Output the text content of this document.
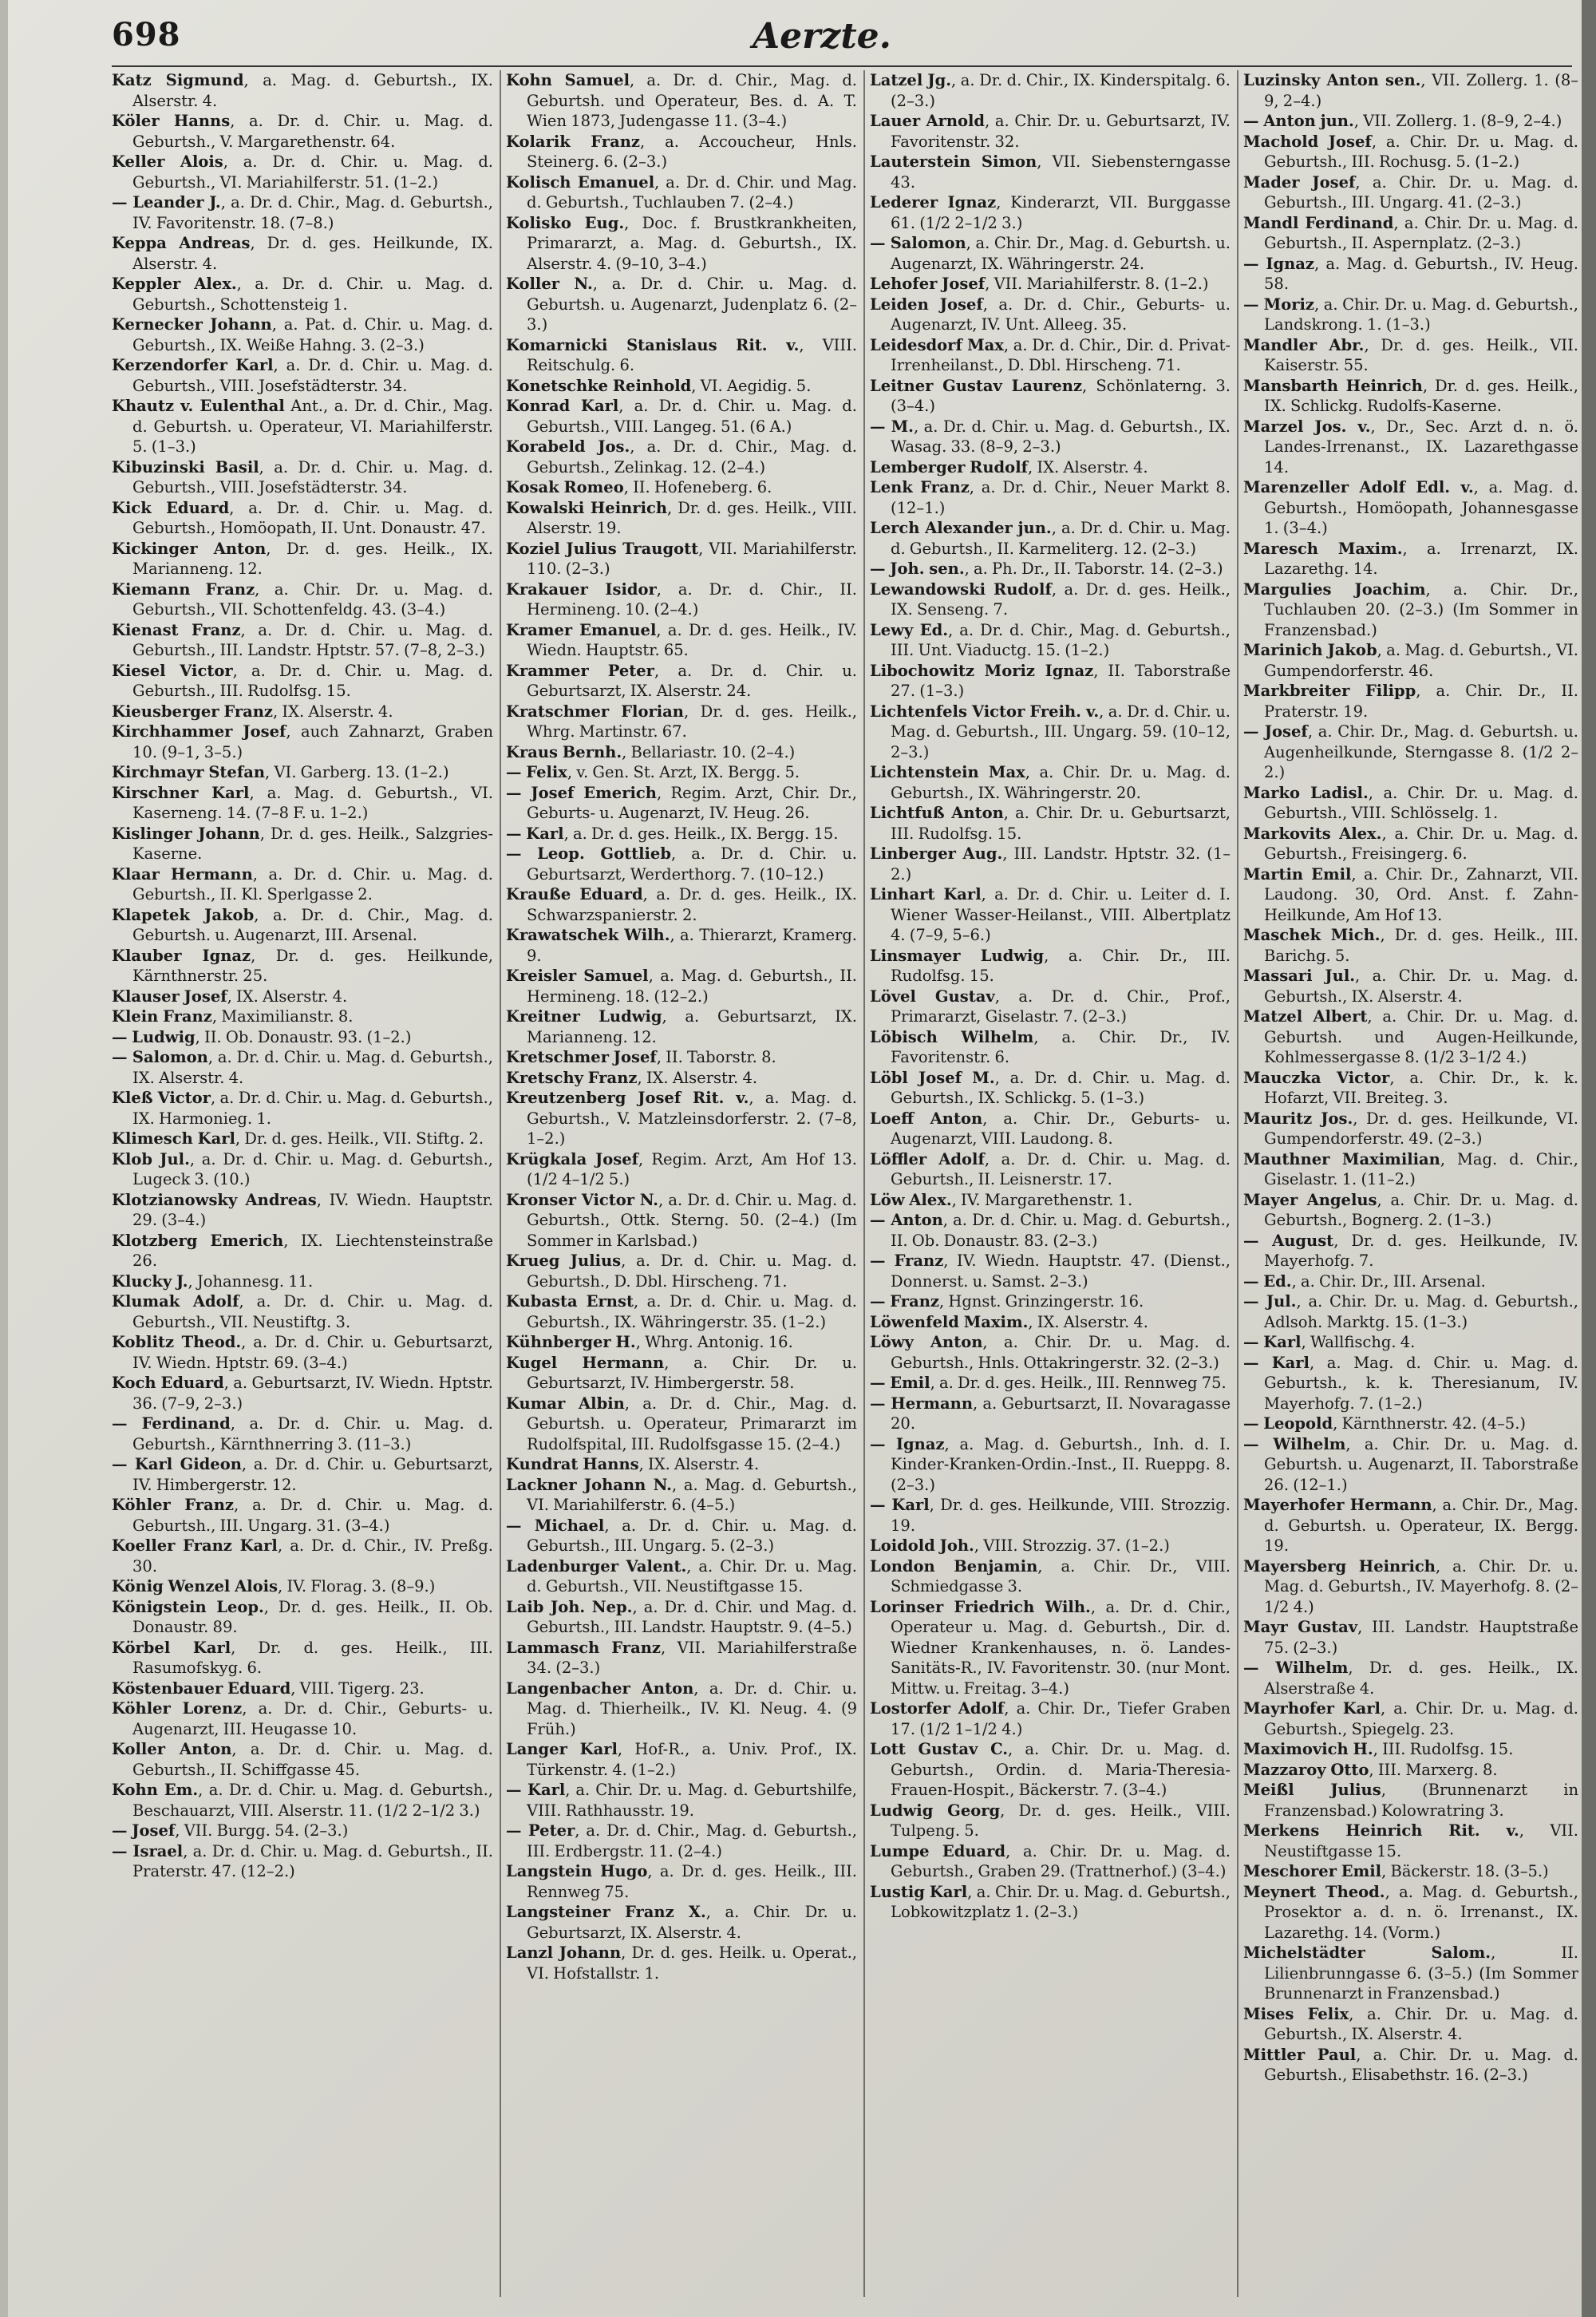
698	Aerzte.

Katz Sigmund, a. Mag. d. Geburtsh., IX. Alserstr. 4.

Köler Hanns, a. Dr. d. Chir. u. Mag. d. Geburtsh., V. Margarethenstr. 64.

Keller Alois, a. Dr. d. Chir. u. Mag. d. Geburtsh., VI. Mariahilferstr. 51. (1–2.)

— Leander J., a. Dr. d. Chir., Mag. d. Geburtsh., IV. Favoritenstr. 18. (7–8.)

Keppa Andreas, Dr. d. ges. Heilkunde, IX. Alserstr. 4.

Keppler Alex., a. Dr. d. Chir. u. Mag. d. Geburtsh., Schottensteig 1.

Kernecker Johann, a. Pat. d. Chir. u. Mag. d. Geburtsh., IX. Weiße Hahng. 3. (2–3.)

Kerzendorfer Karl, a. Dr. d. Chir. u. Mag. d. Geburtsh., VIII. Josefstädterstr. 34.

Khautz v. Eulenthal Ant., a. Dr. d. Chir., Mag. d. Geburtsh. u. Operateur, VI. Mariahilferstr. 5. (1–3.)

Kibuzinski Basil, a. Dr. d. Chir. u. Mag. d. Geburtsh., VIII. Josefstädterstr. 34.

Kick Eduard, a. Dr. d. Chir. u. Mag. d. Geburtsh., Homöopath, II. Unt. Donaustr. 47.

Kickinger Anton, Dr. d. ges. Heilk., IX. Marianneng. 12.

Kiemann Franz, a. Chir. Dr. u. Mag. d. Geburtsh., VII. Schottenfeldg. 43. (3–4.)

Kienast Franz, a. Dr. d. Chir. u. Mag. d. Geburtsh., III. Landstr. Hptstr. 57. (7–8, 2–3.)

Kiesel Victor, a. Dr. d. Chir. u. Mag. d. Geburtsh., III. Rudolfsg. 15.

Kieusberger Franz, IX. Alserstr. 4.

Kirchhammer Josef, auch Zahnarzt, Graben 10. (9–1, 3–5.)

Kirchmayr Stefan, VI. Garberg. 13. (1–2.)

Kirschner Karl, a. Mag. d. Geburtsh., VI. Kaserneng. 14. (7–8 F. u. 1–2.)

Kislinger Johann, Dr. d. ges. Heilk., Salzgries-Kaserne.

Klaar Hermann, a. Dr. d. Chir. u. Mag. d. Geburtsh., II. Kl. Sperlgasse 2.

Klapetek Jakob, a. Dr. d. Chir., Mag. d. Geburtsh. u. Augenarzt, III. Arsenal.

Klauber Ignaz, Dr. d. ges. Heilkunde, Kärnthnerstr. 25.

Klauser Josef, IX. Alserstr. 4.

Klein Franz, Maximilianstr. 8.

— Ludwig, II. Ob. Donaustr. 93. (1–2.)

— Salomon, a. Dr. d. Chir. u. Mag. d. Geburtsh., IX. Alserstr. 4.

Kleß Victor, a. Dr. d. Chir. u. Mag. d. Geburtsh., IX. Harmonieg. 1.

Klimesch Karl, Dr. d. ges. Heilk., VII. Stiftg. 2.

Klob Jul., a. Dr. d. Chir. u. Mag. d. Geburtsh., Lugeck 3. (10.)

Klotzianowsky Andreas, IV. Wiedn. Hauptstr. 29. (3–4.)

Klotzberg Emerich, IX. Liechtensteinstraße 26.

Klucky J., Johannesg. 11.

Klumak Adolf, a. Dr. d. Chir. u. Mag. d. Geburtsh., VII. Neustiftg. 3.

Koblitz Theod., a. Dr. d. Chir. u. Geburtsarzt, IV. Wiedn. Hptstr. 69. (3–4.)

Koch Eduard, a. Geburtsarzt, IV. Wiedn. Hptstr. 36. (7–9, 2–3.)

— Ferdinand, a. Dr. d. Chir. u. Mag. d. Geburtsh., Kärnthnerring 3. (11–3.)

— Karl Gideon, a. Dr. d. Chir. u. Geburtsarzt, IV. Himbergerstr. 12.

Köhler Franz, a. Dr. d. Chir. u. Mag. d. Geburtsh., III. Ungarg. 31. (3–4.)

Koeller Franz Karl, a. Dr. d. Chir., IV. Preßg. 30.

König Wenzel Alois, IV. Florag. 3. (8–9.)

Königstein Leop., Dr. d. ges. Heilk., II. Ob. Donaustr. 89.

Körbel Karl, Dr. d. ges. Heilk., III. Rasumofskyg. 6.

Köstenbauer Eduard, VIII. Tigerg. 23.

Köhler Lorenz, a. Dr. d. Chir., Geburts- u. Augenarzt, III. Heugasse 10.

Koller Anton, a. Dr. d. Chir. u. Mag. d. Geburtsh., II. Schiffgasse 45.

Kohn Em., a. Dr. d. Chir. u. Mag. d. Geburtsh., Beschauarzt, VIII. Alserstr. 11. (1/2 2–1/2 3.)

— Josef, VII. Burgg. 54. (2–3.)

— Israel, a. Dr. d. Chir. u. Mag. d. Geburtsh., II. Praterstr. 47. (12–2.)

Kohn Samuel, a. Dr. d. Chir., Mag. d. Geburtsh. und Operateur, Bes. d. A. T. Wien 1873, Judengasse 11. (3–4.)

Kolarik Franz, a. Accoucheur, Hnls. Steinerg. 6. (2–3.)

Kolisch Emanuel, a. Dr. d. Chir. und Mag. d. Geburtsh., Tuchlauben 7. (2–4.)

Kolisko Eug., Doc. f. Brustkrankheiten, Primararzt, a. Mag. d. Geburtsh., IX. Alserstr. 4. (9–10, 3–4.)

Koller N., a. Dr. d. Chir. u. Mag. d. Geburtsh. u. Augenarzt, Judenplatz 6. (2–3.)

Komarnicki Stanislaus Rit. v., VIII. Reitschulg. 6.

Konetschke Reinhold, VI. Aegidig. 5.

Konrad Karl, a. Dr. d. Chir. u. Mag. d. Geburtsh., VIII. Langeg. 51. (6 A.)

Korabeld Jos., a. Dr. d. Chir., Mag. d. Geburtsh., Zelinkag. 12. (2–4.)

Kosak Romeo, II. Hofeneberg. 6.

Kowalski Heinrich, Dr. d. ges. Heilk., VIII. Alserstr. 19.

Koziel Julius Traugott, VII. Mariahilferstr. 110. (2–3.)

Krakauer Isidor, a. Dr. d. Chir., II. Hermineng. 10. (2–4.)

Kramer Emanuel, a. Dr. d. ges. Heilk., IV. Wiedn. Hauptstr. 65.

Krammer Peter, a. Dr. d. Chir. u. Geburtsarzt, IX. Alserstr. 24.

Kratschmer Florian, Dr. d. ges. Heilk., Whrg. Martinstr. 67.

Kraus Bernh., Bellariastr. 10. (2–4.)

— Felix, v. Gen. St. Arzt, IX. Bergg. 5.

— Josef Emerich, Regim. Arzt, Chir. Dr., Geburts- u. Augenarzt, IV. Heug. 26.

— Karl, a. Dr. d. ges. Heilk., IX. Bergg. 15.

— Leop. Gottlieb, a. Dr. d. Chir. u. Geburtsarzt, Werderthorg. 7. (10–12.)

Krauße Eduard, a. Dr. d. ges. Heilk., IX. Schwarzspanierstr. 2.

Krawatschek Wilh., a. Thierarzt, Kramerg. 9.

Kreisler Samuel, a. Mag. d. Geburtsh., II. Hermineng. 18. (12–2.)

Kreitner Ludwig, a. Geburtsarzt, IX. Marianneng. 12.

Kretschmer Josef, II. Taborstr. 8.

Kretschy Franz, IX. Alserstr. 4.

Kreutzenberg Josef Rit. v., a. Mag. d. Geburtsh., V. Matzleinsdorferstr. 2. (7–8, 1–2.)

Krügkala Josef, Regim. Arzt, Am Hof 13. (1/2 4–1/2 5.)

Kronser Victor N., a. Dr. d. Chir. u. Mag. d. Geburtsh., Ottk. Sterng. 50. (2–4.) (Im Sommer in Karlsbad.)

Krueg Julius, a. Dr. d. Chir. u. Mag. d. Geburtsh., D. Dbl. Hirscheng. 71.

Kubasta Ernst, a. Dr. d. Chir. u. Mag. d. Geburtsh., IX. Währingerstr. 35. (1–2.)

Kühnberger H., Whrg. Antonig. 16.

Kugel Hermann, a. Chir. Dr. u. Geburtsarzt, IV. Himbergerstr. 58.

Kumar Albin, a. Dr. d. Chir., Mag. d. Geburtsh. u. Operateur, Primararzt im Rudolfspital, III. Rudolfsgasse 15. (2–4.)

Kundrat Hanns, IX. Alserstr. 4.

Lackner Johann N., a. Mag. d. Geburtsh., VI. Mariahilferstr. 6. (4–5.)

— Michael, a. Dr. d. Chir. u. Mag. d. Geburtsh., III. Ungarg. 5. (2–3.)

Ladenburger Valent., a. Chir. Dr. u. Mag. d. Geburtsh., VII. Neustiftgasse 15.

Laib Joh. Nep., a. Dr. d. Chir. und Mag. d. Geburtsh., III. Landstr. Hauptstr. 9. (4–5.)

Lammasch Franz, VII. Mariahilferstraße 34. (2–3.)

Langenbacher Anton, a. Dr. d. Chir. u. Mag. d. Thierheilk., IV. Kl. Neug. 4. (9 Früh.)

Langer Karl, Hof-R., a. Univ. Prof., IX. Türkenstr. 4. (1–2.)

— Karl, a. Chir. Dr. u. Mag. d. Geburtshilfe, VIII. Rathhausstr. 19.

— Peter, a. Dr. d. Chir., Mag. d. Geburtsh., III. Erdbergstr. 11. (2–4.)

Langstein Hugo, a. Dr. d. ges. Heilk., III. Rennweg 75.

Langsteiner Franz X., a. Chir. Dr. u. Geburtsarzt, IX. Alserstr. 4.

Lanzl Johann, Dr. d. ges. Heilk. u. Operat., VI. Hofstallstr. 1.

Latzel Jg., a. Dr. d. Chir., IX. Kinderspitalg. 6. (2–3.)

Lauer Arnold, a. Chir. Dr. u. Geburtsarzt, IV. Favoritenstr. 32.

Lauterstein Simon, VII. Siebensterngasse 43.

Lederer Ignaz, Kinderarzt, VII. Burggasse 61. (1/2 2–1/2 3.)

— Salomon, a. Chir. Dr., Mag. d. Geburtsh. u. Augenarzt, IX. Währingerstr. 24.

Lehofer Josef, VII. Mariahilferstr. 8. (1–2.)

Leiden Josef, a. Dr. d. Chir., Geburts- u. Augenarzt, IV. Unt. Alleeg. 35.

Leidesdorf Max, a. Dr. d. Chir., Dir. d. Privat-Irrenheilanst., D. Dbl. Hirscheng. 71.

Leitner Gustav Laurenz, Schönlaterng. 3. (3–4.)

— M., a. Dr. d. Chir. u. Mag. d. Geburtsh., IX. Wasag. 33. (8–9, 2–3.)

Lemberger Rudolf, IX. Alserstr. 4.

Lenk Franz, a. Dr. d. Chir., Neuer Markt 8. (12–1.)

Lerch Alexander jun., a. Dr. d. Chir. u. Mag. d. Geburtsh., II. Karmeliterg. 12. (2–3.)

— Joh. sen., a. Ph. Dr., II. Taborstr. 14. (2–3.)

Lewandowski Rudolf, a. Dr. d. ges. Heilk., IX. Senseng. 7.

Lewy Ed., a. Dr. d. Chir., Mag. d. Geburtsh., III. Unt. Viaductg. 15. (1–2.)

Libochowitz Moriz Ignaz, II. Taborstraße 27. (1–3.)

Lichtenfels Victor Freih. v., a. Dr. d. Chir. u. Mag. d. Geburtsh., III. Ungarg. 59. (10–12, 2–3.)

Lichtenstein Max, a. Chir. Dr. u. Mag. d. Geburtsh., IX. Währingerstr. 20.

Lichtfuß Anton, a. Chir. Dr. u. Geburtsarzt, III. Rudolfsg. 15.

Linberger Aug., III. Landstr. Hptstr. 32. (1–2.)

Linhart Karl, a. Dr. d. Chir. u. Leiter d. I. Wiener Wasser-Heilanst., VIII. Albertplatz 4. (7–9, 5–6.)

Linsmayer Ludwig, a. Chir. Dr., III. Rudolfsg. 15.

Lövel Gustav, a. Dr. d. Chir., Prof., Primararzt, Giselastr. 7. (2–3.)

Löbisch Wilhelm, a. Chir. Dr., IV. Favoritenstr. 6.

Löbl Josef M., a. Dr. d. Chir. u. Mag. d. Geburtsh., IX. Schlickg. 5. (1–3.)

Loeff Anton, a. Chir. Dr., Geburts- u. Augenarzt, VIII. Laudong. 8.

Löffler Adolf, a. Dr. d. Chir. u. Mag. d. Geburtsh., II. Leisnerstr. 17.

Löw Alex., IV. Margarethenstr. 1.

— Anton, a. Dr. d. Chir. u. Mag. d. Geburtsh., II. Ob. Donaustr. 83. (2–3.)

— Franz, IV. Wiedn. Hauptstr. 47. (Dienst., Donnerst. u. Samst. 2–3.)

— Franz, Hgnst. Grinzingerstr. 16.

Löwenfeld Maxim., IX. Alserstr. 4.

Löwy Anton, a. Chir. Dr. u. Mag. d. Geburtsh., Hnls. Ottakringerstr. 32. (2–3.)

— Emil, a. Dr. d. ges. Heilk., III. Rennweg 75.

— Hermann, a. Geburtsarzt, II. Novaragasse 20.

— Ignaz, a. Mag. d. Geburtsh., Inh. d. I. Kinder-Kranken-Ordin.-Inst., II. Rueppg. 8. (2–3.)

— Karl, Dr. d. ges. Heilkunde, VIII. Strozzig. 19.

Loidold Joh., VIII. Strozzig. 37. (1–2.)

London Benjamin, a. Chir. Dr., VIII. Schmiedgasse 3.

Lorinser Friedrich Wilh., a. Dr. d. Chir., Operateur u. Mag. d. Geburtsh., Dir. d. Wiedner Krankenhauses, n. ö. Landes-Sanitäts-R., IV. Favoritenstr. 30. (nur Mont. Mittw. u. Freitag. 3–4.)

Lostorfer Adolf, a. Chir. Dr., Tiefer Graben 17. (1/2 1–1/2 4.)

Lott Gustav C., a. Chir. Dr. u. Mag. d. Geburtsh., Ordin. d. Maria-Theresia-Frauen-Hospit., Bäckerstr. 7. (3–4.)

Ludwig Georg, Dr. d. ges. Heilk., VIII. Tulpeng. 5.

Lumpe Eduard, a. Chir. Dr. u. Mag. d. Geburtsh., Graben 29. (Trattnerhof.) (3–4.)

Lustig Karl, a. Chir. Dr. u. Mag. d. Geburtsh., Lobkowitzplatz 1. (2–3.)

Luzinsky Anton sen., VII. Zollerg. 1. (8–9, 2–4.)

— Anton jun., VII. Zollerg. 1. (8–9, 2–4.)

Machold Josef, a. Chir. Dr. u. Mag. d. Geburtsh., III. Rochusg. 5. (1–2.)

Mader Josef, a. Chir. Dr. u. Mag. d. Geburtsh., III. Ungarg. 41. (2–3.)

Mandl Ferdinand, a. Chir. Dr. u. Mag. d. Geburtsh., II. Aspernplatz. (2–3.)

— Ignaz, a. Mag. d. Geburtsh., IV. Heug. 58.

— Moriz, a. Chir. Dr. u. Mag. d. Geburtsh., Landskrong. 1. (1–3.)

Mandler Abr., Dr. d. ges. Heilk., VII. Kaiserstr. 55.

Mansbarth Heinrich, Dr. d. ges. Heilk., IX. Schlickg. Rudolfs-Kaserne.

Marzel Jos. v., Dr., Sec. Arzt d. n. ö. Landes-Irrenanst., IX. Lazarethgasse 14.

Marenzeller Adolf Edl. v., a. Mag. d. Geburtsh., Homöopath, Johannesgasse 1. (3–4.)

Maresch Maxim., a. Irrenarzt, IX. Lazarethg. 14.

Margulies Joachim, a. Chir. Dr., Tuchlauben 20. (2–3.) (Im Sommer in Franzensbad.)

Marinich Jakob, a. Mag. d. Geburtsh., VI. Gumpendorferstr. 46.

Markbreiter Filipp, a. Chir. Dr., II. Praterstr. 19.

— Josef, a. Chir. Dr., Mag. d. Geburtsh. u. Augenheilkunde, Sterngasse 8. (1/2 2–2.)

Marko Ladisl., a. Chir. Dr. u. Mag. d. Geburtsh., VIII. Schlösselg. 1.

Markovits Alex., a. Chir. Dr. u. Mag. d. Geburtsh., Freisingerg. 6.

Martin Emil, a. Chir. Dr., Zahnarzt, VII. Laudong. 30, Ord. Anst. f. Zahn-Heilkunde, Am Hof 13.

Maschek Mich., Dr. d. ges. Heilk., III. Barichg. 5.

Massari Jul., a. Chir. Dr. u. Mag. d. Geburtsh., IX. Alserstr. 4.

Matzel Albert, a. Chir. Dr. u. Mag. d. Geburtsh. und Augen-Heilkunde, Kohlmessergasse 8. (1/2 3–1/2 4.)

Mauczka Victor, a. Chir. Dr., k. k. Hofarzt, VII. Breiteg. 3.

Mauritz Jos., Dr. d. ges. Heilkunde, VI. Gumpendorferstr. 49. (2–3.)

Mauthner Maximilian, Mag. d. Chir., Giselastr. 1. (11–2.)

Mayer Angelus, a. Chir. Dr. u. Mag. d. Geburtsh., Bognerg. 2. (1–3.)

— August, Dr. d. ges. Heilkunde, IV. Mayerhofg. 7.

— Ed., a. Chir. Dr., III. Arsenal.

— Jul., a. Chir. Dr. u. Mag. d. Geburtsh., Adlsoh. Marktg. 15. (1–3.)

— Karl, Wallfischg. 4.

— Karl, a. Mag. d. Chir. u. Mag. d. Geburtsh., k. k. Theresianum, IV. Mayerhofg. 7. (1–2.)

— Leopold, Kärnthnerstr. 42. (4–5.)

— Wilhelm, a. Chir. Dr. u. Mag. d. Geburtsh. u. Augenarzt, II. Taborstraße 26. (12–1.)

Mayerhofer Hermann, a. Chir. Dr., Mag. d. Geburtsh. u. Operateur, IX. Bergg. 19.

Mayersberg Heinrich, a. Chir. Dr. u. Mag. d. Geburtsh., IV. Mayerhofg. 8. (2–1/2 4.)

Mayr Gustav, III. Landstr. Hauptstraße 75. (2–3.)

— Wilhelm, Dr. d. ges. Heilk., IX. Alserstraße 4.

Mayrhofer Karl, a. Chir. Dr. u. Mag. d. Geburtsh., Spiegelg. 23.

Maximovich H., III. Rudolfsg. 15.

Mazzaroy Otto, III. Marxerg. 8.

Meißl Julius, (Brunnenarzt in Franzensbad.) Kolowratring 3.

Merkens Heinrich Rit. v., VII. Neustiftgasse 15.

Meschorer Emil, Bäckerstr. 18. (3–5.)

Meynert Theod., a. Mag. d. Geburtsh., Prosektor a. d. n. ö. Irrenanst., IX. Lazarethg. 14. (Vorm.)

Michelstädter Salom., II. Lilienbrunngasse 6. (3–5.) (Im Sommer Brunnenarzt in Franzensbad.)

Mises Felix, a. Chir. Dr. u. Mag. d. Geburtsh., IX. Alserstr. 4.

Mittler Paul, a. Chir. Dr. u. Mag. d. Geburtsh., Elisabethstr. 16. (2–3.)
